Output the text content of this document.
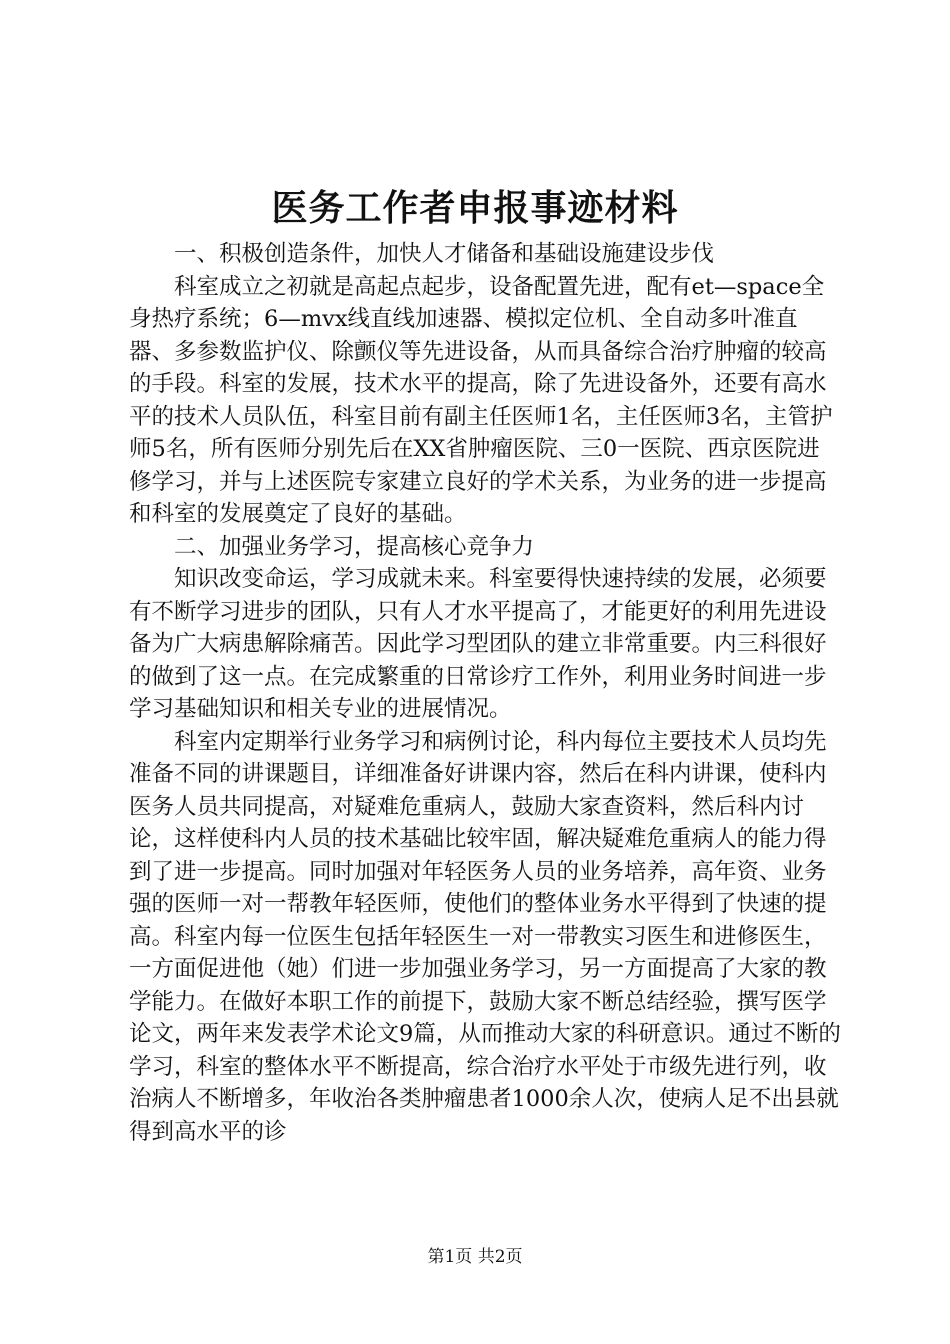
医务工作者申报事迹材料

一、积极创造条件，加快人才储备和基础设施建设步伐

科室成立之初就是高起点起步，设备配置先进，配有et—space全身热疗系统；6—mvx线直线加速器、模拟定位机、全自动多叶准直器、多参数监护仪、除颤仪等先进设备，从而具备综合治疗肿瘤的较高的手段。科室的发展，技术水平的提高，除了先进设备外，还要有高水平的技术人员队伍，科室目前有副主任医师1名，主任医师3名，主管护师5名，所有医师分别先后在XX省肿瘤医院、三0一医院、西京医院进修学习，并与上述医院专家建立良好的学术关系，为业务的进一步提高和科室的发展奠定了良好的基础。

二、加强业务学习，提高核心竞争力

知识改变命运，学习成就未来。科室要得快速持续的发展，必须要有不断学习进步的团队，只有人才水平提高了，才能更好的利用先进设备为广大病患解除痛苦。因此学习型团队的建立非常重要。内三科很好的做到了这一点。在完成繁重的日常诊疗工作外，利用业务时间进一步学习基础知识和相关专业的进展情况。

科室内定期举行业务学习和病例讨论，科内每位主要技术人员均先准备不同的讲课题目，详细准备好讲课内容，然后在科内讲课，使科内医务人员共同提高，对疑难危重病人，鼓励大家查资料，然后科内讨论，这样使科内人员的技术基础比较牢固，解决疑难危重病人的能力得到了进一步提高。同时加强对年轻医务人员的业务培养，高年资、业务强的医师一对一帮教年轻医师，使他们的整体业务水平得到了快速的提高。科室内每一位医生包括年轻医生一对一带教实习医生和进修医生，一方面促进他（她）们进一步加强业务学习，另一方面提高了大家的教学能力。在做好本职工作的前提下，鼓励大家不断总结经验，撰写医学论文，两年来发表学术论文9篇，从而推动大家的科研意识。通过不断的学习，科室的整体水平不断提高，综合治疗水平处于市级先进行列，收治病人不断增多，年收治各类肿瘤患者1000余人次，使病人足不出县就得到高水平的诊

第1页 共2页
